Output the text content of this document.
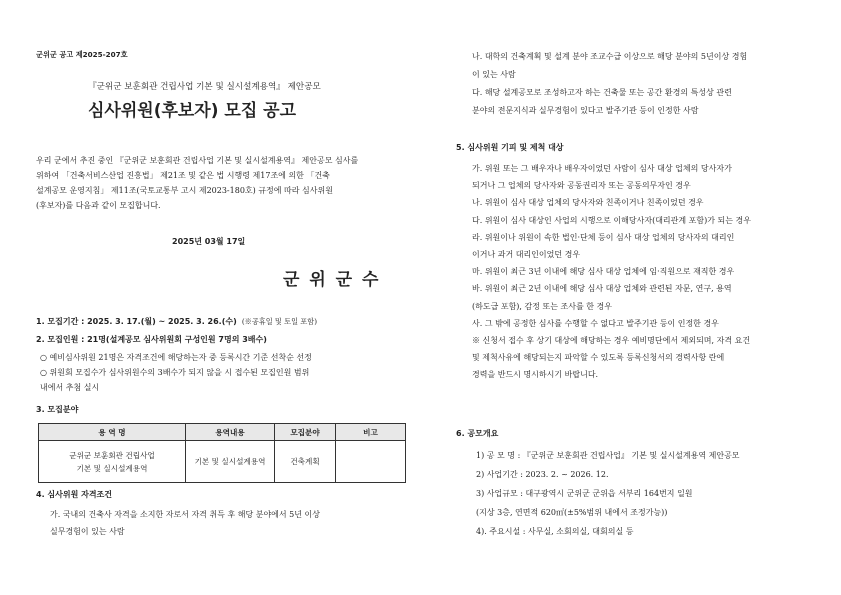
군위군 공고 제2025-207호
『군위군 보훈회관 건립사업 기본 및 실시설계용역』 제안공모
심사위원(후보자) 모집 공고
우리 군에서 추진 중인 『군위군 보훈회관 건립사업 기본 및 실시설계용역』 제안공모 심사를
위하여 「건축서비스산업 진흥법」 제21조 및 같은 법 시행령 제17조에 의한 「건축
설계공모 운영지침」 제11조(국토교통부 고시 제2023-180호) 규정에 따라 심사위원
(후보자)를 다음과 같이 모집합니다.
2025년 03월 17일
군 위 군 수
1. 모집기간 : 2025. 3. 17.(월) ~ 2025. 3. 26.(수) (※공휴일 및 토일 포함)
2. 모집인원 : 21명(설계공모 심사위원회 구성인원 7명의 3배수)
○ 예비심사위원 21명은 자격조건에 해당하는자 중 등록시간 기준 선착순 선정
○ 위원회 모집수가 심사위원수의 3배수가 되지 않을 시 접수된 모집인원 범위
내에서 추첨 실시
3. 모집분야
용 역 명	용역내용	모집분야	비고
군위군 보훈회관 건립사업
기본 및 실시설계용역	기본 및 실시설계용역	건축계획	
4. 심사위원 자격조건
가. 국내의 건축사 자격을 소지한 자로서 자격 취득 후 해당 분야에서 5년 이상
실무경험이 있는 사람
나. 대학의 건축계획 및 설계 분야 조교수급 이상으로 해당 분야의 5년이상 경험
이 있는 사람
다. 해당 설계공모로 조성하고자 하는 건축물 또는 공간 환경의 특성상 관련
분야의 전문지식과 실무경험이 있다고 발주기관 등이 인정한 사람
5. 심사위원 기피 및 제척 대상
가. 위원 또는 그 배우자나 배우자이었던 사람이 심사 대상 업체의 당사자가
되거나 그 업체의 당사자와 공동권리자 또는 공동의무자인 경우
나. 위원이 심사 대상 업체의 당사자와 친족이거나 친족이었던 경우
다. 위원이 심사 대상인 사업의 시행으로 이해당사자(대리관계 포함)가 되는 경우
라. 위원이나 위원이 속한 법인·단체 등이 심사 대상 업체의 당사자의 대리인
이거나 과거 대리인이었던 경우
마. 위원이 최근 3년 이내에 해당 심사 대상 업체에 임·직원으로 재직한 경우
바. 위원이 최근 2년 이내에 해당 심사 대상 업체와 관련된 자문, 연구, 용역
(하도급 포함), 감정 또는 조사를 한 경우
사. 그 밖에 공정한 심사를 수행할 수 없다고 발주기관 등이 인정한 경우
※ 신청서 접수 후 상기 대상에 해당하는 경우 예비명단에서 제외되며, 자격 요건
및 제척사유에 해당되는지 파악할 수 있도록 등록신청서의 경력사항 란에
경력을 반드시 명시하시기 바랍니다.
6. 공모개요
1) 공 모 명 : 『군위군 보훈회관 건립사업』 기본 및 실시설계용역 제안공모
2) 사업기간 : 2023. 2. ~ 2026. 12.
3) 사업규모 : 대구광역시 군위군 군위읍 서부리 164번지 일원
(지상 3층, 연면적 620㎡(±5%범위 내에서 조정가능))
4). 주요시설 : 사무실, 소회의실, 대회의실 등
